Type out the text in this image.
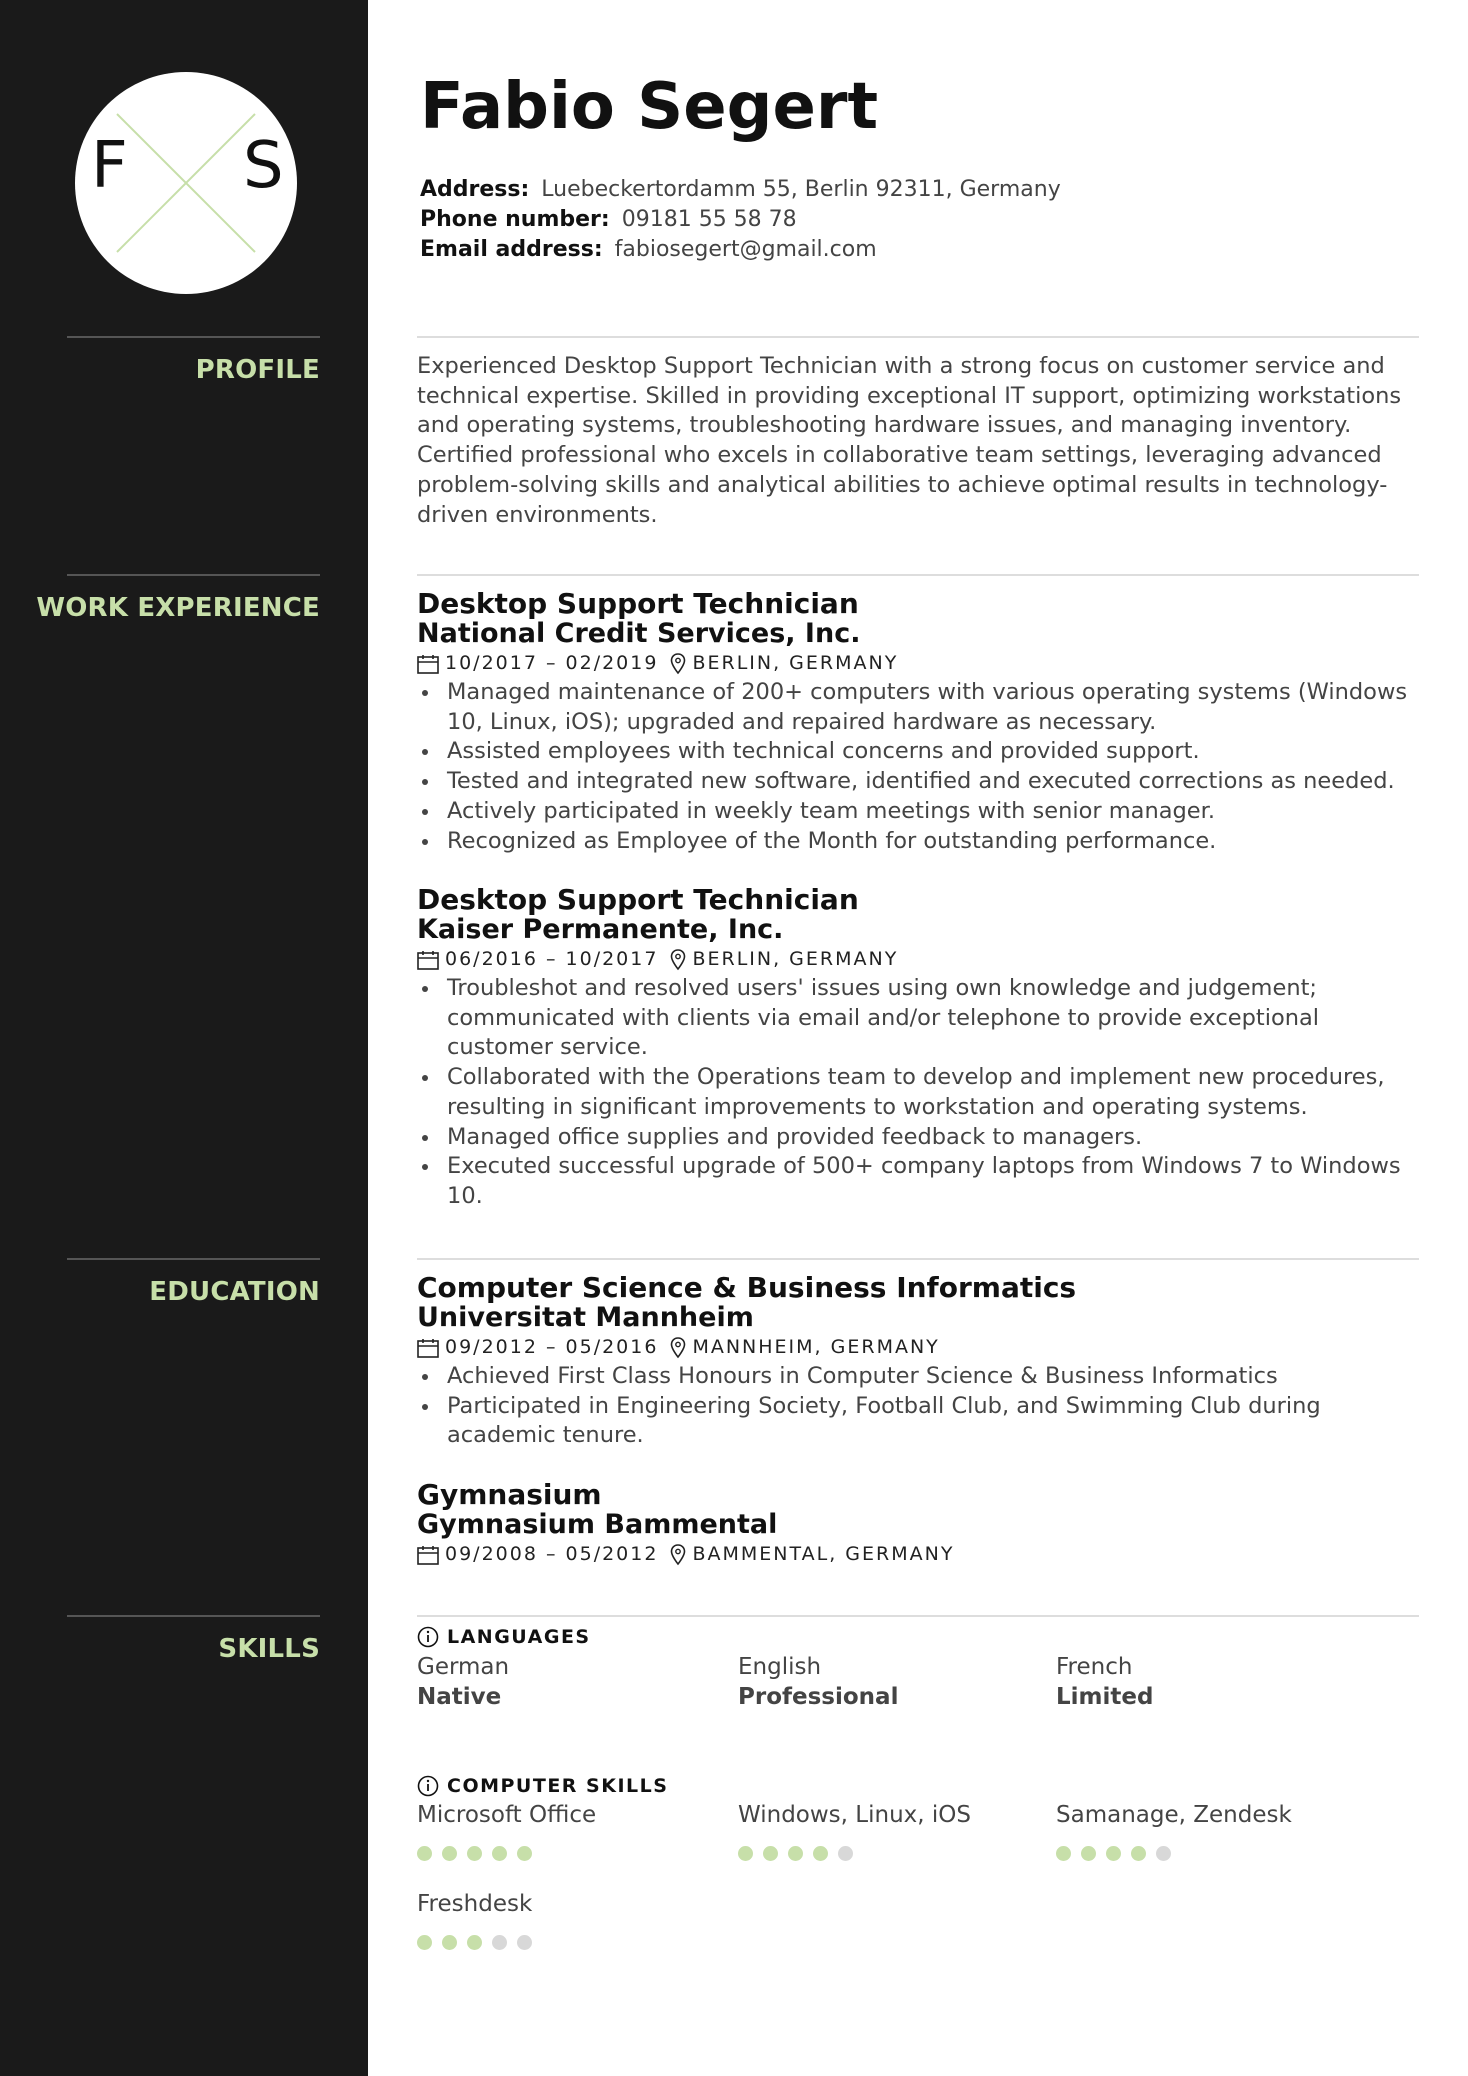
F S
PROFILE
WORK EXPERIENCE
EDUCATION
SKILLS
Fabio Segert
Address: Luebeckertordamm 55, Berlin 92311, Germany
Phone number: 09181 55 58 78
Email address: fabiosegert@gmail.com

Experienced Desktop Support Technician with a strong focus on customer service and technical expertise. Skilled in providing exceptional IT support, optimizing workstations and operating systems, troubleshooting hardware issues, and managing inventory. Certified professional who excels in collaborative team settings, leveraging advanced problem-solving skills and analytical abilities to achieve optimal results in technology-driven environments.

Desktop Support Technician
National Credit Services, Inc.
10/2017 – 02/2019 BERLIN, GERMANY
Managed maintenance of 200+ computers with various operating systems (Windows 10, Linux, iOS); upgraded and repaired hardware as necessary.
Assisted employees with technical concerns and provided support.
Tested and integrated new software, identified and executed corrections as needed.
Actively participated in weekly team meetings with senior manager.
Recognized as Employee of the Month for outstanding performance.
Desktop Support Technician
Kaiser Permanente, Inc.
06/2016 – 10/2017 BERLIN, GERMANY
Troubleshot and resolved users' issues using own knowledge and judgement; communicated with clients via email and/or telephone to provide exceptional customer service.
Collaborated with the Operations team to develop and implement new procedures, resulting in significant improvements to workstation and operating systems.
Managed office supplies and provided feedback to managers.
Executed successful upgrade of 500+ company laptops from Windows 7 to Windows 10.
Computer Science & Business Informatics
Universitat Mannheim
09/2012 – 05/2016 MANNHEIM, GERMANY
Achieved First Class Honours in Computer Science & Business Informatics
Participated in Engineering Society, Football Club, and Swimming Club during academic tenure.
Gymnasium
Gymnasium Bammental
09/2008 – 05/2012 BAMMENTAL, GERMANY
LANGUAGES
German
Native
English
Professional
French
Limited
COMPUTER SKILLS
Microsoft Office	Windows, Linux, iOS	Samanage, Zendesk
Freshdesk
